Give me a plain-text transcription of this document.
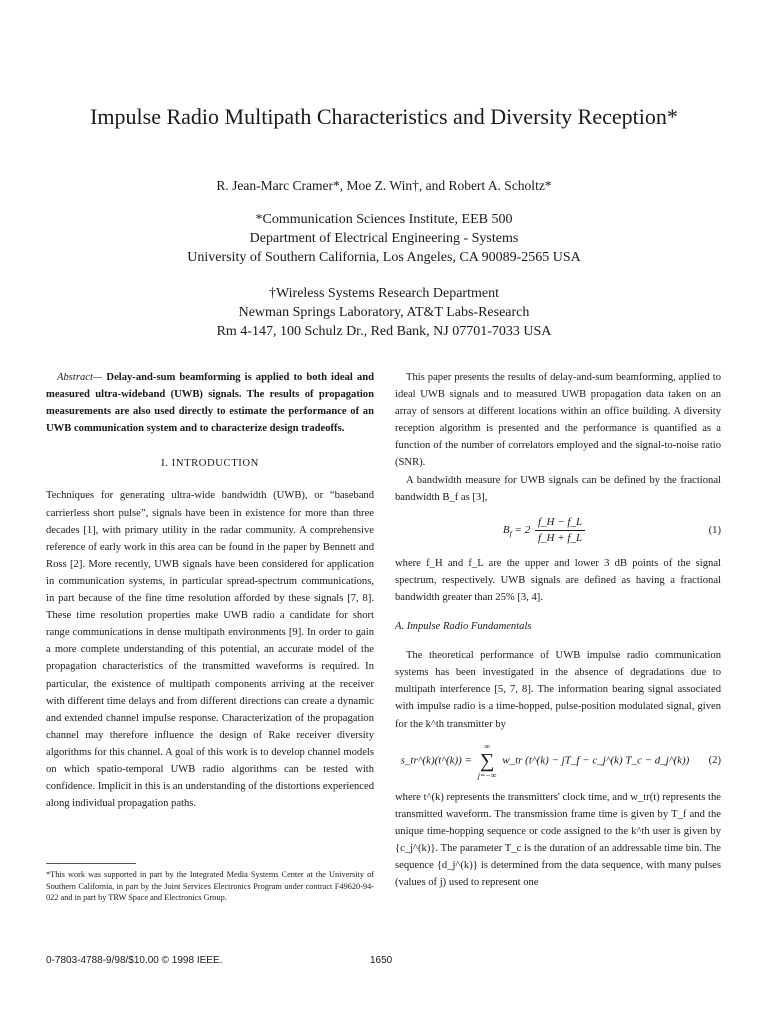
Impulse Radio Multipath Characteristics and Diversity Reception*
R. Jean-Marc Cramer*, Moe Z. Win†, and Robert A. Scholtz*
*Communication Sciences Institute, EEB 500
Department of Electrical Engineering - Systems
University of Southern California, Los Angeles, CA 90089-2565 USA
†Wireless Systems Research Department
Newman Springs Laboratory, AT&T Labs-Research
Rm 4-147, 100 Schulz Dr., Red Bank, NJ 07701-7033 USA

Abstract— Delay-and-sum beamforming is applied to both ideal and measured ultra-wideband (UWB) signals. The results of propagation measurements are also used directly to estimate the performance of an UWB communication system and to characterize design tradeoffs.

I. INTRODUCTION

Techniques for generating ultra-wide bandwidth (UWB), or “baseband carrierless short pulse”, signals have been in existence for more than three decades [1], with primary utility in the radar community. A comprehensive reference of early work in this area can be found in the paper by Bennett and Ross [2]. More recently, UWB signals have been considered for application in communication systems, in particular spread-spectrum communications, in part because of the fine time resolution afforded by these signals [7, 8]. These time resolution properties make UWB radio a candidate for short range communications in dense multipath environments [9]. In order to gain a more complete understanding of this potential, an accurate model of the propagation characteristics of the transmitted waveforms is required. In particular, the existence of multipath components arriving at the receiver with different time delays and from different directions can create a dynamic and extended channel impulse response. Characterization of the propagation channel may therefore influence the design of Rake receiver diversity algorithms for this channel. A goal of this work is to develop channel models on which spatio-temporal UWB radio algorithms can be tested with confidence. Implicit in this is an understanding of the distortions experienced along individual propagation paths.

*This work was supported in part by the Integrated Media Systems Center at the University of Southern California, in part by the Joint Services Electronics Program under contract F49620-94-022 and in part by TRW Space and Electronics Group.

This paper presents the results of delay-and-sum beamforming, applied to ideal UWB signals and to measured UWB propagation data taken on an array of sensors at different locations within an office building. A diversity reception algorithm is presented and the performance is quantified as a function of the number of correlators employed and the signal-to-noise ratio (SNR).

A bandwidth measure for UWB signals can be defined by the fractional bandwidth B_f as [3],

$B_f = 2 \frac{f\_H - f\_L}{f\_H + f\_L}$	(1)

where f_H and f_L are the upper and lower 3 dB points of the signal spectrum, respectively. UWB signals are defined as having a fractional bandwidth greater than 25% [3, 4].

A. Impulse Radio Fundamentals

The theoretical performance of UWB impulse radio communication systems has been investigated in the absence of degradations due to multipath interference [5, 7, 8]. The information bearing signal associated with impulse radio is a time-hopped, pulse-position modulated signal, given for the k^th transmitter by

s_tr^(k)(t^(k)) =
∞
∑
j=−∞
w_tr (t^(k) − jT_f − c_j^(k) T_c − d_j^(k))	(2)

where t^(k) represents the transmitters' clock time, and w_tr(t) represents the transmitted waveform. The transmission frame time is given by T_f and the unique time-hopping sequence or code assigned to the k^th user is given by {c_j^(k)}. The parameter T_c is the duration of an addressable time bin. The sequence {d_j^(k)} is determined from the data sequence, with many pulses (values of j) used to represent one

0-7803-4788-9/98/$10.00 © 1998 IEEE.	1650
